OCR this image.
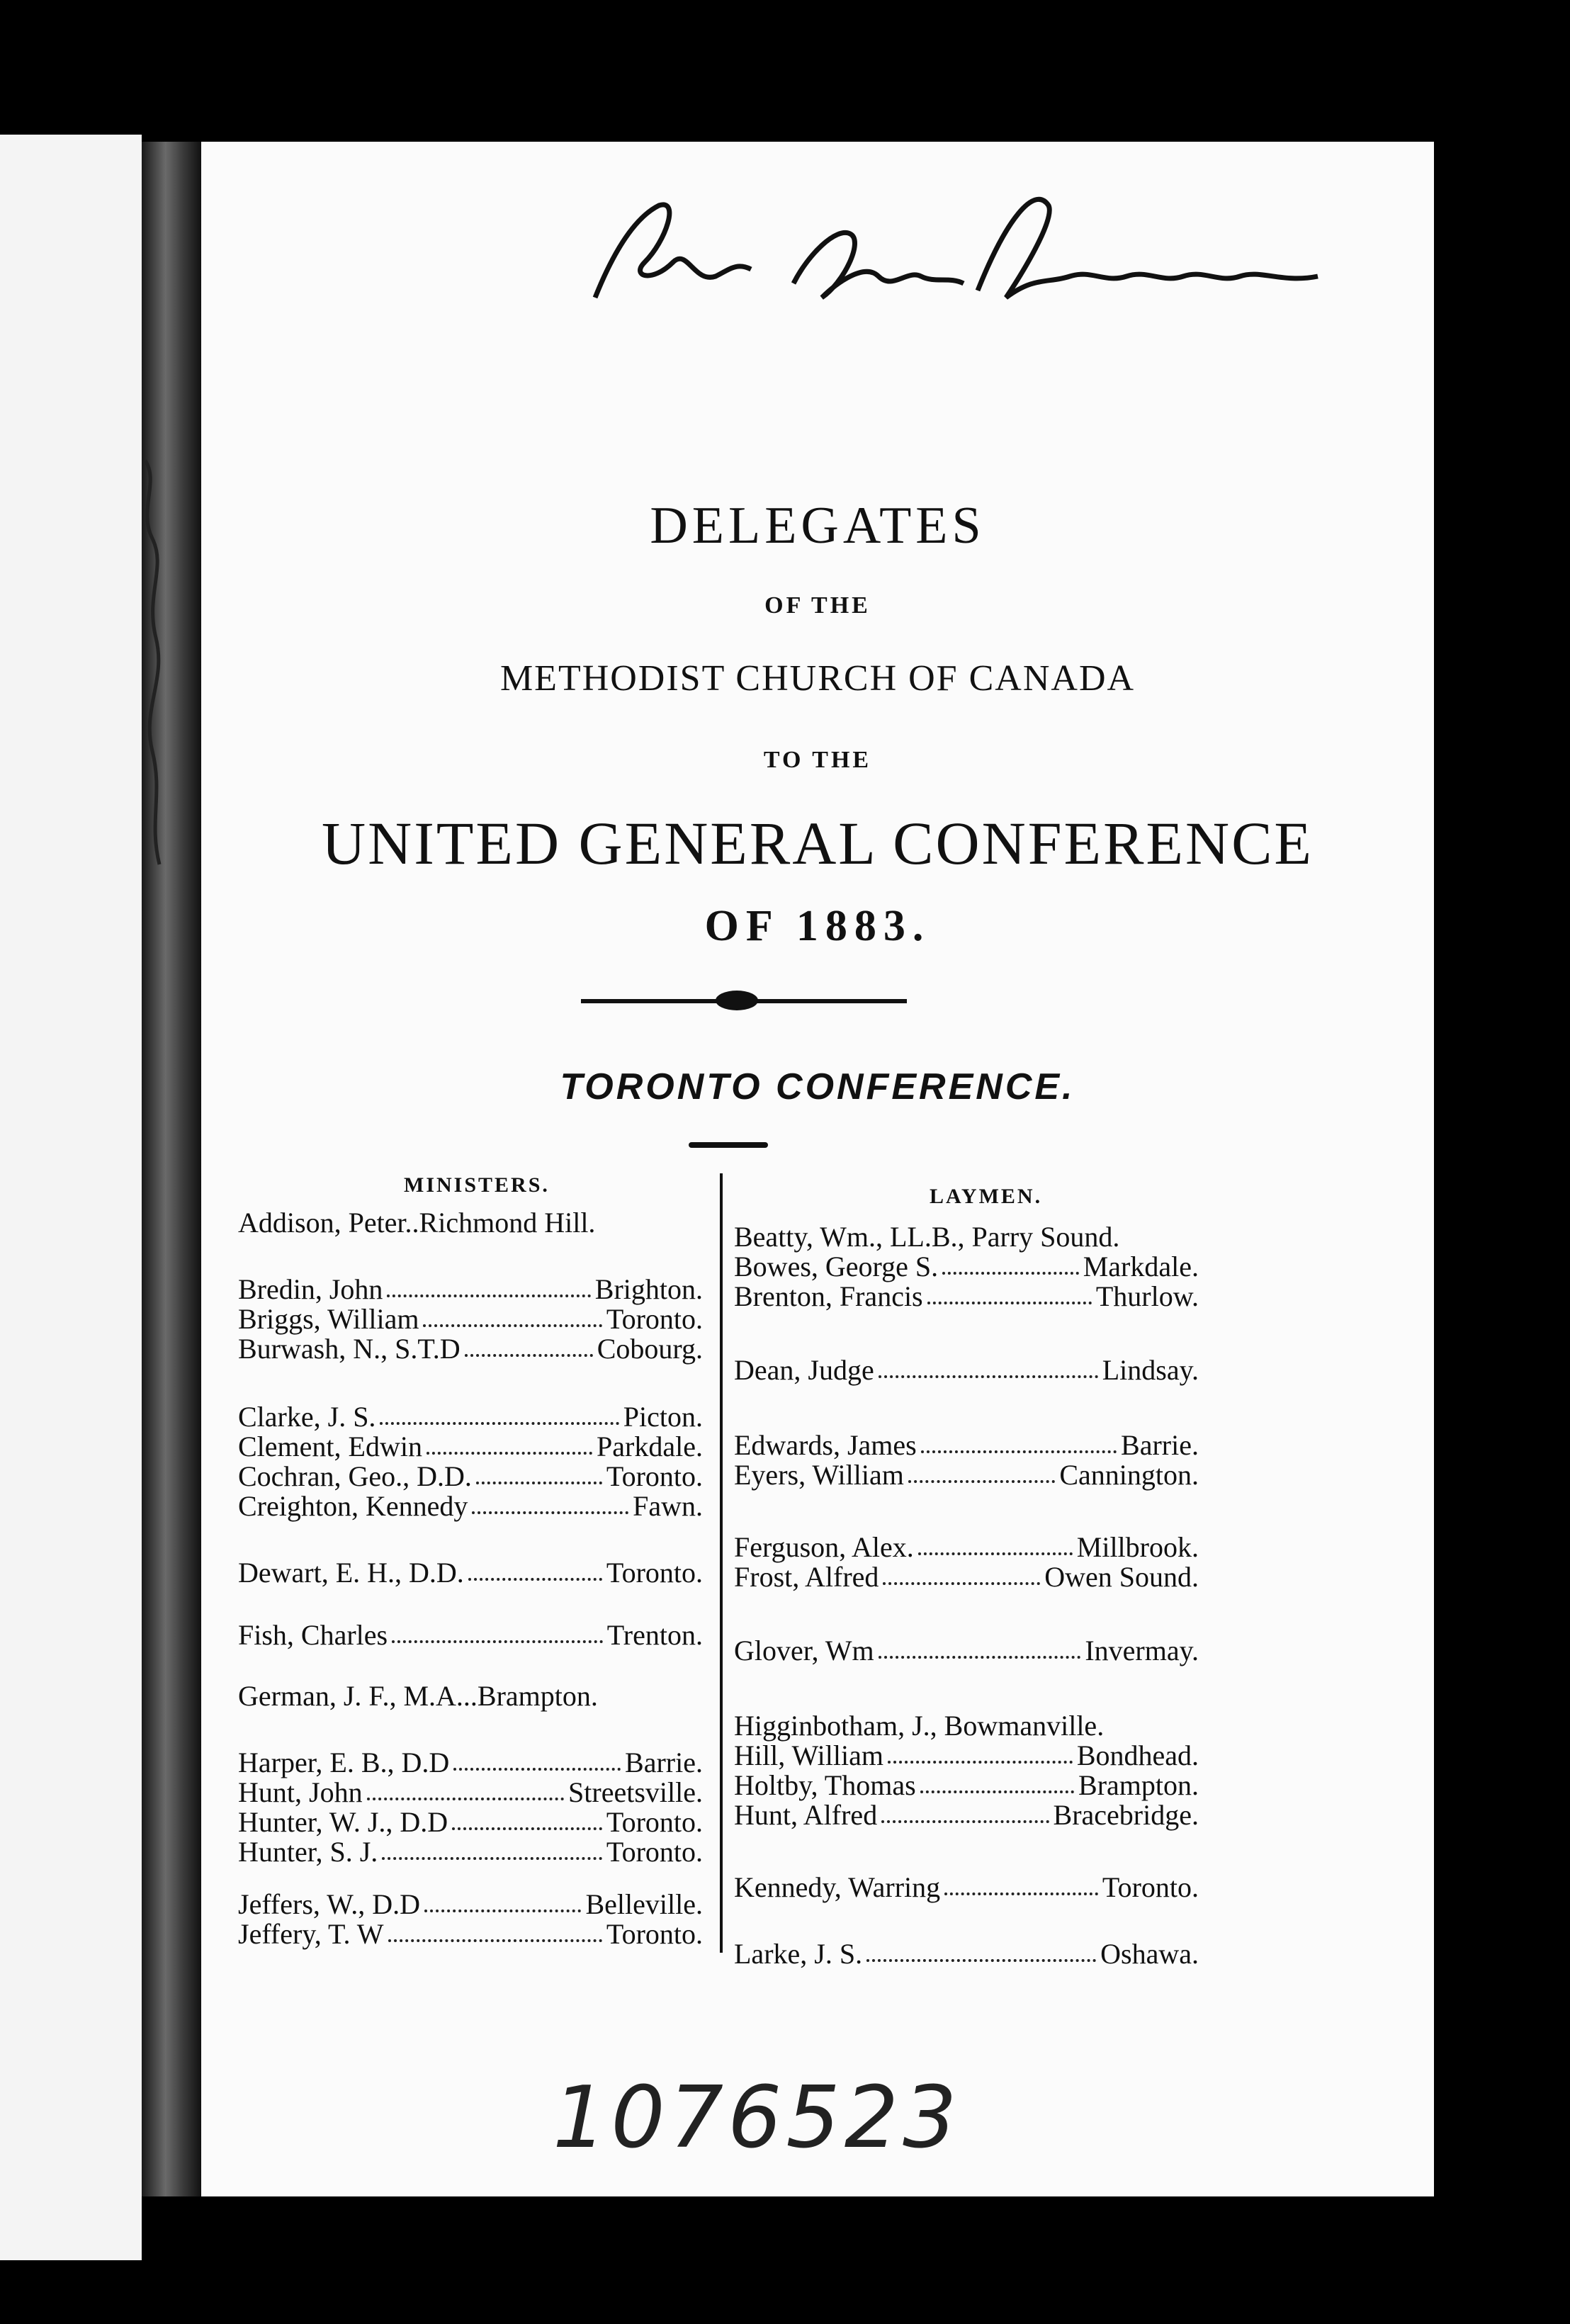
DELEGATES
OF THE
METHODIST CHURCH OF CANADA
TO THE
UNITED GENERAL CONFERENCE
OF 1883.
TORONTO CONFERENCE.
MINISTERS.	LAYMEN.
Addison, Peter.. Richmond Hill.
Bredin, John	Brighton.
Briggs, William	Toronto.
Burwash, N., S.T.D	Cobourg.
Clarke, J. S.	Picton.
Clement, Edwin	Parkdale.
Cochran, Geo., D.D.	Toronto.
Creighton, Kennedy	Fawn.
Dewart, E. H., D.D.	Toronto.
Fish, Charles	Trenton.
German, J. F., M.A... Brampton.
Harper, E. B., D.D	Barrie.
Hunt, John	Streetsville.
Hunter, W. J., D.D	Toronto.
Hunter, S. J.	Toronto.
Jeffers, W., D.D	Belleville.
Jeffery, T. W	Toronto.
Beatty, Wm., LL.B., Parry Sound.
Bowes, George S.	Markdale.
Brenton, Francis	Thurlow.
Dean, Judge	Lindsay.
Edwards, James	Barrie.
Eyers, William	Cannington.
Ferguson, Alex.	Millbrook.
Frost, Alfred	Owen Sound.
Glover, Wm	Invermay.
Higginbotham, J., Bowmanville.
Hill, William	Bondhead.
Holtby, Thomas	Brampton.
Hunt, Alfred	Bracebridge.
Kennedy, Warring	Toronto.
Larke, J. S.	Oshawa.
1076523
